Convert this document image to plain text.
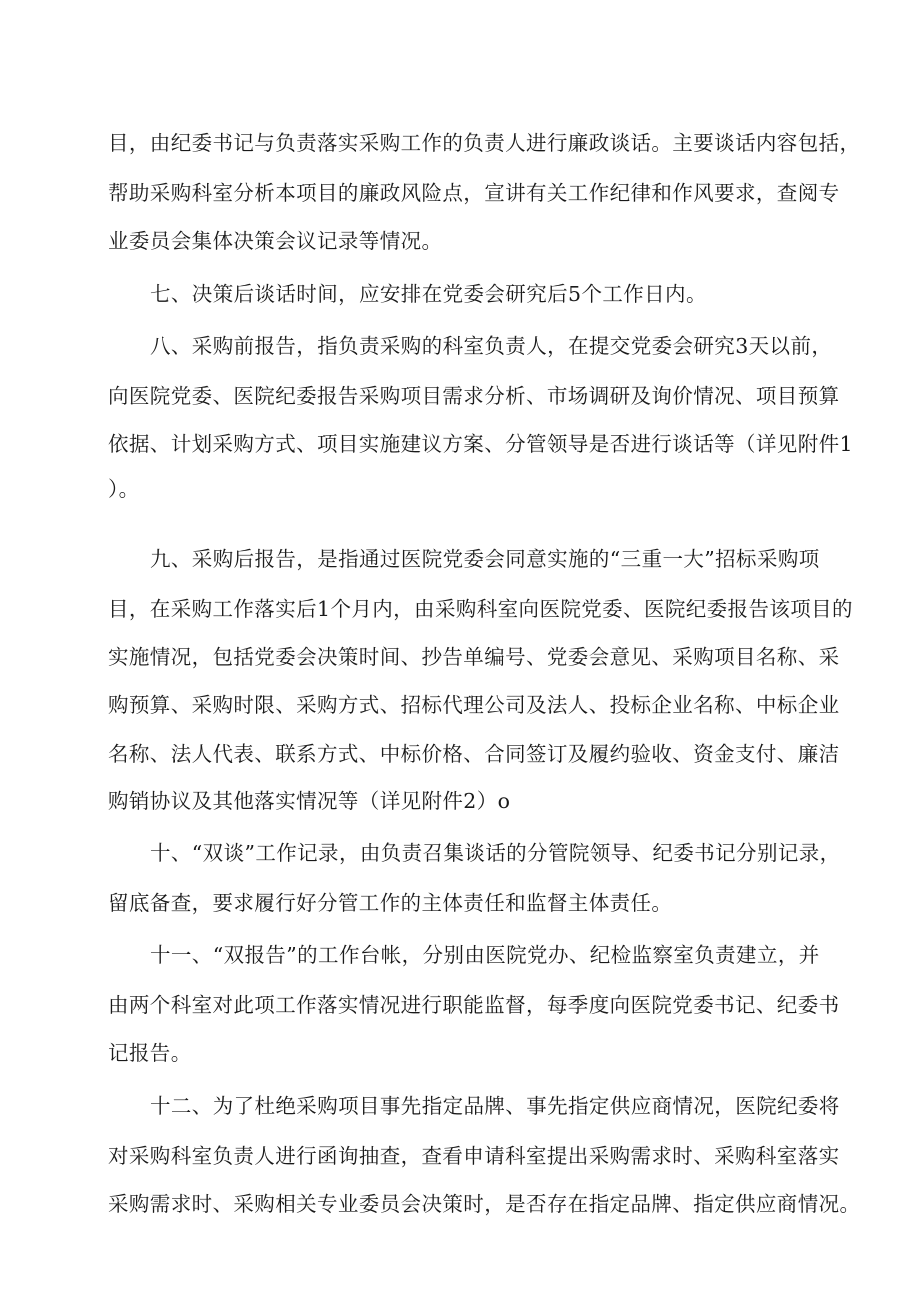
目，由纪委书记与负责落实采购工作的负责人进行廉政谈话。主要谈话内容包括，
帮助采购科室分析本项目的廉政风险点，宣讲有关工作纪律和作风要求，查阅专
业委员会集体决策会议记录等情况。
七、决策后谈话时间，应安排在党委会研究后5个工作日内。
八、采购前报告，指负责采购的科室负责人，在提交党委会研究3天以前，
向医院党委、医院纪委报告采购项目需求分析、市场调研及询价情况、项目预算
依据、计划采购方式、项目实施建议方案、分管领导是否进行谈话等（详见附件1
）。
九、采购后报告，是指通过医院党委会同意实施的“三重一大”招标采购项
目，在采购工作落实后1个月内，由采购科室向医院党委、医院纪委报告该项目的
实施情况，包括党委会决策时间、抄告单编号、党委会意见、采购项目名称、采
购预算、采购时限、采购方式、招标代理公司及法人、投标企业名称、中标企业
名称、法人代表、联系方式、中标价格、合同签订及履约验收、资金支付、廉洁
购销协议及其他落实情况等（详见附件2）o
十、“双谈”工作记录，由负责召集谈话的分管院领导、纪委书记分别记录，
留底备查，要求履行好分管工作的主体责任和监督主体责任。
十一、“双报告”的工作台帐，分别由医院党办、纪检监察室负责建立，并
由两个科室对此项工作落实情况进行职能监督，每季度向医院党委书记、纪委书
记报告。
十二、为了杜绝采购项目事先指定品牌、事先指定供应商情况，医院纪委将
对采购科室负责人进行函询抽查，查看申请科室提出采购需求时、采购科室落实
采购需求时、采购相关专业委员会决策时，是否存在指定品牌、指定供应商情况。
